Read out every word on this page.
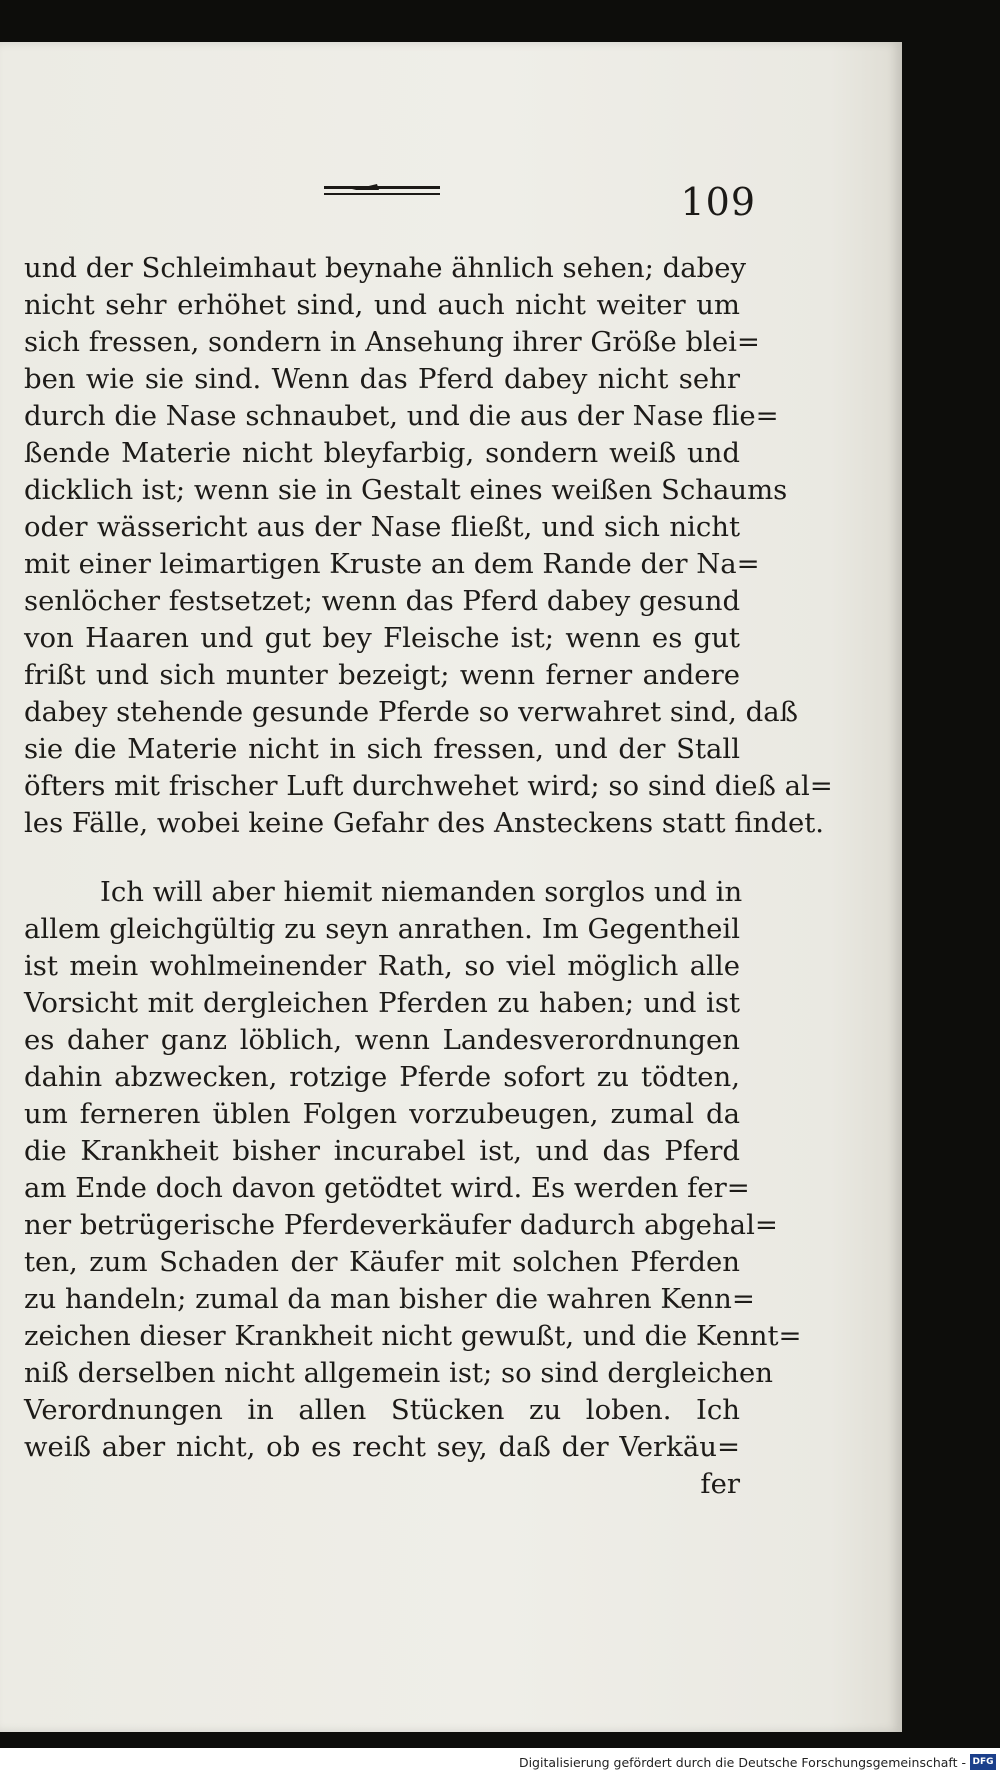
109
und der Schleimhaut beynahe ähnlich sehen; dabey
nicht sehr erhöhet sind, und auch nicht weiter um
sich fressen, sondern in Ansehung ihrer Größe blei=
ben wie sie sind. Wenn das Pferd dabey nicht sehr
durch die Nase schnaubet, und die aus der Nase flie=
ßende Materie nicht bleyfarbig, sondern weiß und
dicklich ist; wenn sie in Gestalt eines weißen Schaums
oder wässericht aus der Nase fließt, und sich nicht
mit einer leimartigen Kruste an dem Rande der Na=
senlöcher festsetzet; wenn das Pferd dabey gesund
von Haaren und gut bey Fleische ist; wenn es gut
frißt und sich munter bezeigt; wenn ferner andere
dabey stehende gesunde Pferde so verwahret sind, daß
sie die Materie nicht in sich fressen, und der Stall
öfters mit frischer Luft durchwehet wird; so sind dieß al=
les Fälle, wobei keine Gefahr des Ansteckens statt findet.
Ich will aber hiemit niemanden sorglos und in
allem gleichgültig zu seyn anrathen. Im Gegentheil
ist mein wohlmeinender Rath, so viel möglich alle
Vorsicht mit dergleichen Pferden zu haben; und ist
es daher ganz löblich, wenn Landesverordnungen
dahin abzwecken, rotzige Pferde sofort zu tödten,
um ferneren üblen Folgen vorzubeugen, zumal da
die Krankheit bisher incurabel ist, und das Pferd
am Ende doch davon getödtet wird. Es werden fer=
ner betrügerische Pferdeverkäufer dadurch abgehal=
ten, zum Schaden der Käufer mit solchen Pferden
zu handeln; zumal da man bisher die wahren Kenn=
zeichen dieser Krankheit nicht gewußt, und die Kennt=
niß derselben nicht allgemein ist; so sind dergleichen
Verordnungen in allen Stücken zu loben. Ich
weiß aber nicht, ob es recht sey, daß der Verkäu=
fer
Digitalisierung gefördert durch die Deutsche Forschungsgemeinschaft - DFG
